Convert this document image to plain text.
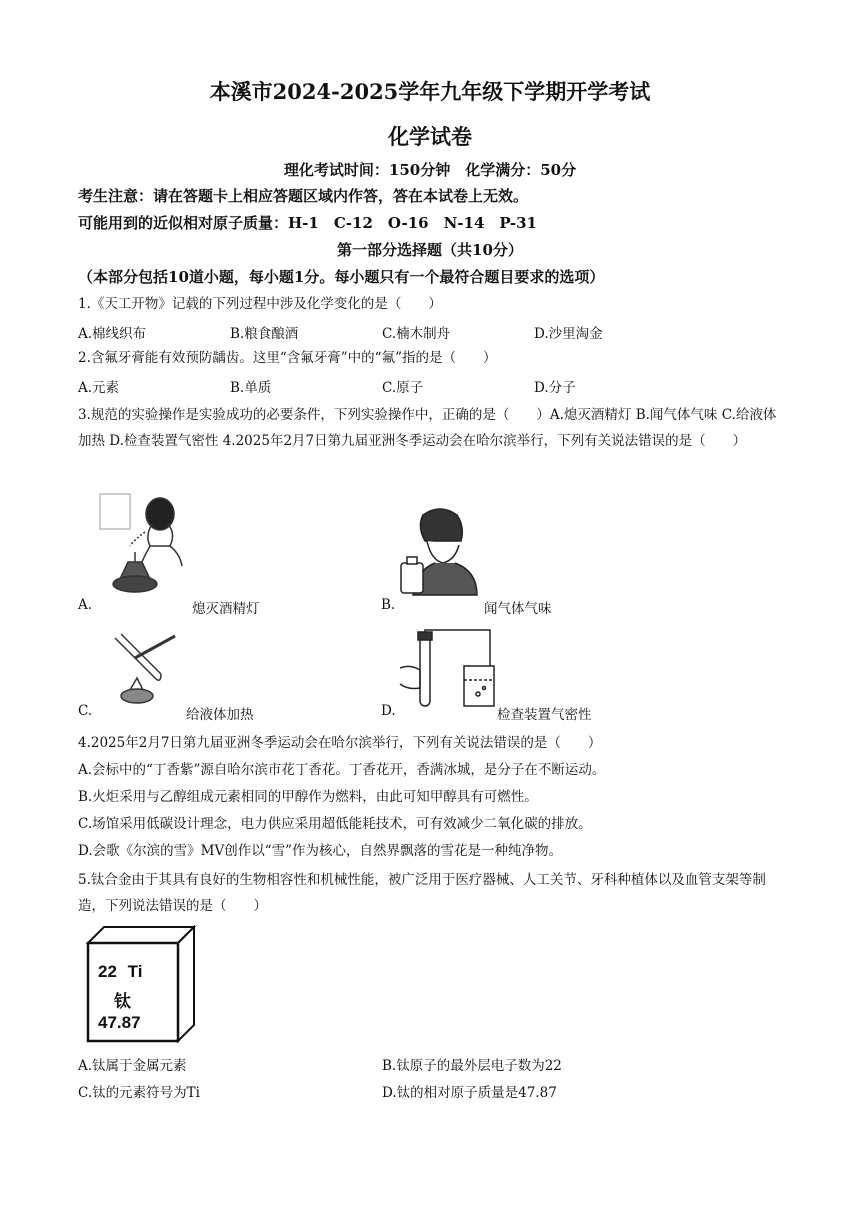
本溪市2024-2025学年九年级下学期开学考试
化学试卷
理化考试时间：150分钟　化学满分：50分
考生注意：请在答题卡上相应答题区域内作答，答在本试卷上无效。
可能用到的近似相对原子质量：H-1　C-12　O-16　N-14　P-31
第一部分选择题（共10分）
（本部分包括10道小题，每小题1分。每小题只有一个最符合题目要求的选项）
1.《天工开物》记载的下列过程中涉及化学变化的是（　　）
A.棉线织布	B.粮食酿酒	C.楠木制舟	D.沙里淘金
2.含氟牙膏能有效预防龋齿。这里“含氟牙膏”中的“氟”指的是（　　）
A.元素	B.单质	C.原子	D.分子
3.规范的实验操作是实验成功的必要条件，下列实验操作中，正确的是（　　）A.熄灭酒精灯 B.闻气体气味 C.给液体加热 D.检查装置气密性 4.2025年2月7日第九届亚洲冬季运动会在哈尔滨举行，下列有关说法错误的是（　　）
A.	熄灭酒精灯	B.	闻气体气味
C.	给液体加热	D.	检查装置气密性
4.2025年2月7日第九届亚洲冬季运动会在哈尔滨举行，下列有关说法错误的是（　　）
A.会标中的“丁香紫”源自哈尔滨市花丁香花。丁香花开，香满冰城，是分子在不断运动。
B.火炬采用与乙醇组成元素相同的甲醇作为燃料，由此可知甲醇具有可燃性。
C.场馆采用低碳设计理念，电力供应采用超低能耗技术，可有效减少二氧化碳的排放。
D.会歌《尔滨的雪》MV创作以“雪”作为核心，自然界飘落的雪花是一种纯净物。
5.钛合金由于其具有良好的生物相容性和机械性能，被广泛用于医疗器械、人工关节、牙科种植体以及血管支架等制造，下列说法错误的是（　　）
22 Ti
钛
47.87
A.钛属于金属元素	B.钛原子的最外层电子数为22
C.钛的元素符号为Ti	D.钛的相对原子质量是47.87
